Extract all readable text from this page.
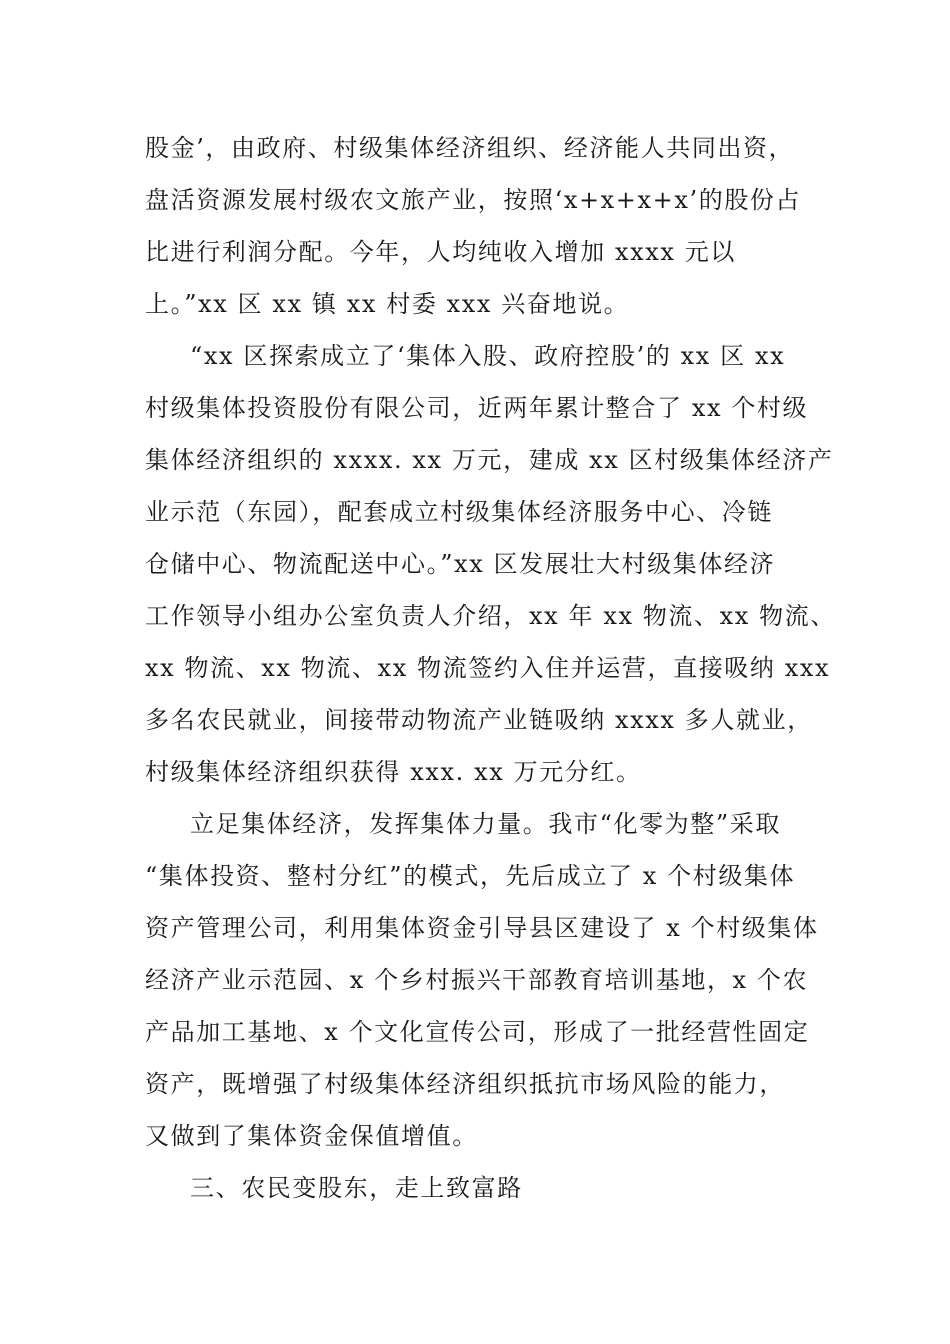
股金’，由政府、村级集体经济组织、经济能人共同出资，
盘活资源发展村级农文旅产业，按照‘x+x+x+x’的股份占
比进行利润分配。今年，人均纯收入增加 xxxx 元以
上。”xx 区 xx 镇 xx 村委 xxx 兴奋地说。
“xx 区探索成立了‘集体入股、政府控股’的 xx 区 xx
村级集体投资股份有限公司，近两年累计整合了 xx 个村级
集体经济组织的 xxxx. xx 万元，建成 xx 区村级集体经济产
业示范（东园），配套成立村级集体经济服务中心、冷链
仓储中心、物流配送中心。”xx 区发展壮大村级集体经济
工作领导小组办公室负责人介绍，xx 年 xx 物流、xx 物流、
xx 物流、xx 物流、xx 物流签约入住并运营，直接吸纳 xxx
多名农民就业，间接带动物流产业链吸纳 xxxx 多人就业，
村级集体经济组织获得 xxx. xx 万元分红。
立足集体经济，发挥集体力量。我市“化零为整”采取
“集体投资、整村分红”的模式，先后成立了 x 个村级集体
资产管理公司，利用集体资金引导县区建设了 x 个村级集体
经济产业示范园、x 个乡村振兴干部教育培训基地，x 个农
产品加工基地、x 个文化宣传公司，形成了一批经营性固定
资产，既增强了村级集体经济组织抵抗市场风险的能力，
又做到了集体资金保值增值。
三、农民变股东，走上致富路
